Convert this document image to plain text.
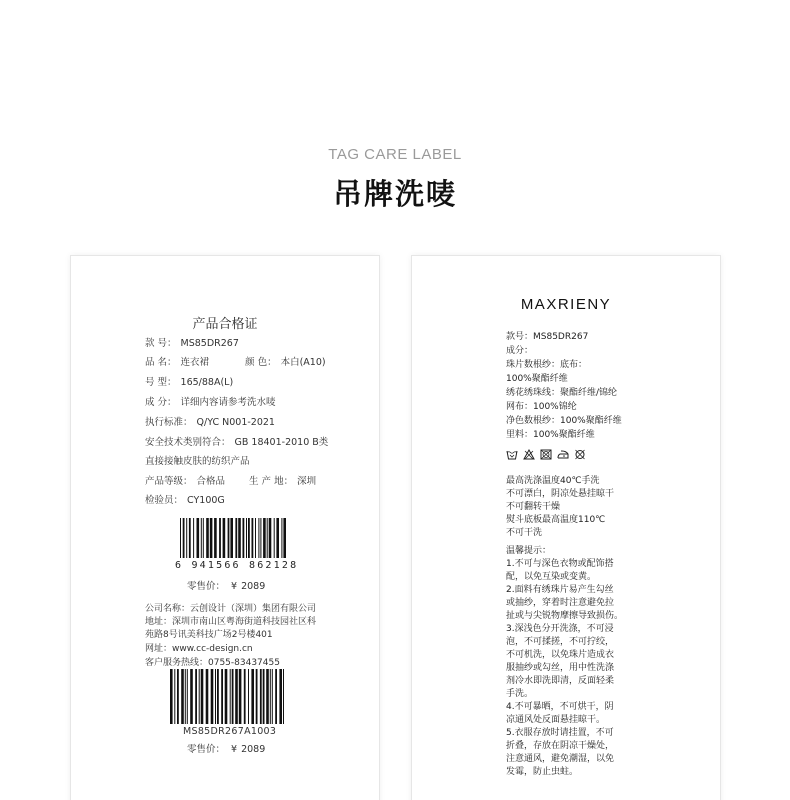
TAG CARE LABEL
吊牌洗唛
产品合格证
款 号： MS85DR267
品 名： 连衣裙	颜 色： 本白(A10)
号 型： 165/88A(L)
成 分： 详细内容请参考洗水唛
执行标准： Q/YC N001-2021
安全技术类别符合： GB 18401-2010 B类
直接接触皮肤的纺织产品
产品等级： 合格品	生 产 地： 深圳
检验员： CY100G
6 941566 862128
零售价： ¥ 2089
公司名称：云创设计（深圳）集团有限公司
地址：深圳市南山区粤海街道科技园社区科
苑路8号讯美科技广场2号楼401
网址：www.cc-design.cn
客户服务热线：0755-83437455
MS85DR267A1003
零售价： ¥ 2089
MAXRIENY
款号：MS85DR267
成分：
珠片数根纱：底布：
100%聚酯纤维
绣花绣珠线：聚酯纤维/锦纶
网布：100%锦纶
净色数根纱：100%聚酯纤维
里料：100%聚酯纤维
最高洗涤温度40℃手洗
不可漂白，阴凉处悬挂晾干
不可翻转干燥
熨斗底板最高温度110℃
不可干洗
温馨提示：
1.不可与深色衣物或配饰搭
配，以免互染或变黄。
2.面料有绣珠片易产生勾丝
或抽纱，穿着时注意避免拉
扯或与尖锐物摩擦导致损伤。
3.深浅色分开洗涤，不可浸
泡，不可揉搓，不可拧绞，
不可机洗，以免珠片造成衣
服抽纱或勾丝，用中性洗涤
剂冷水即洗即清，反面轻柔
手洗。
4.不可暴晒，不可烘干，阴
凉通风处反面悬挂晾干。
5.衣服存放时请挂置，不可
折叠，存放在阴凉干燥处，
注意通风，避免潮湿，以免
发霉，防止虫蛀。
